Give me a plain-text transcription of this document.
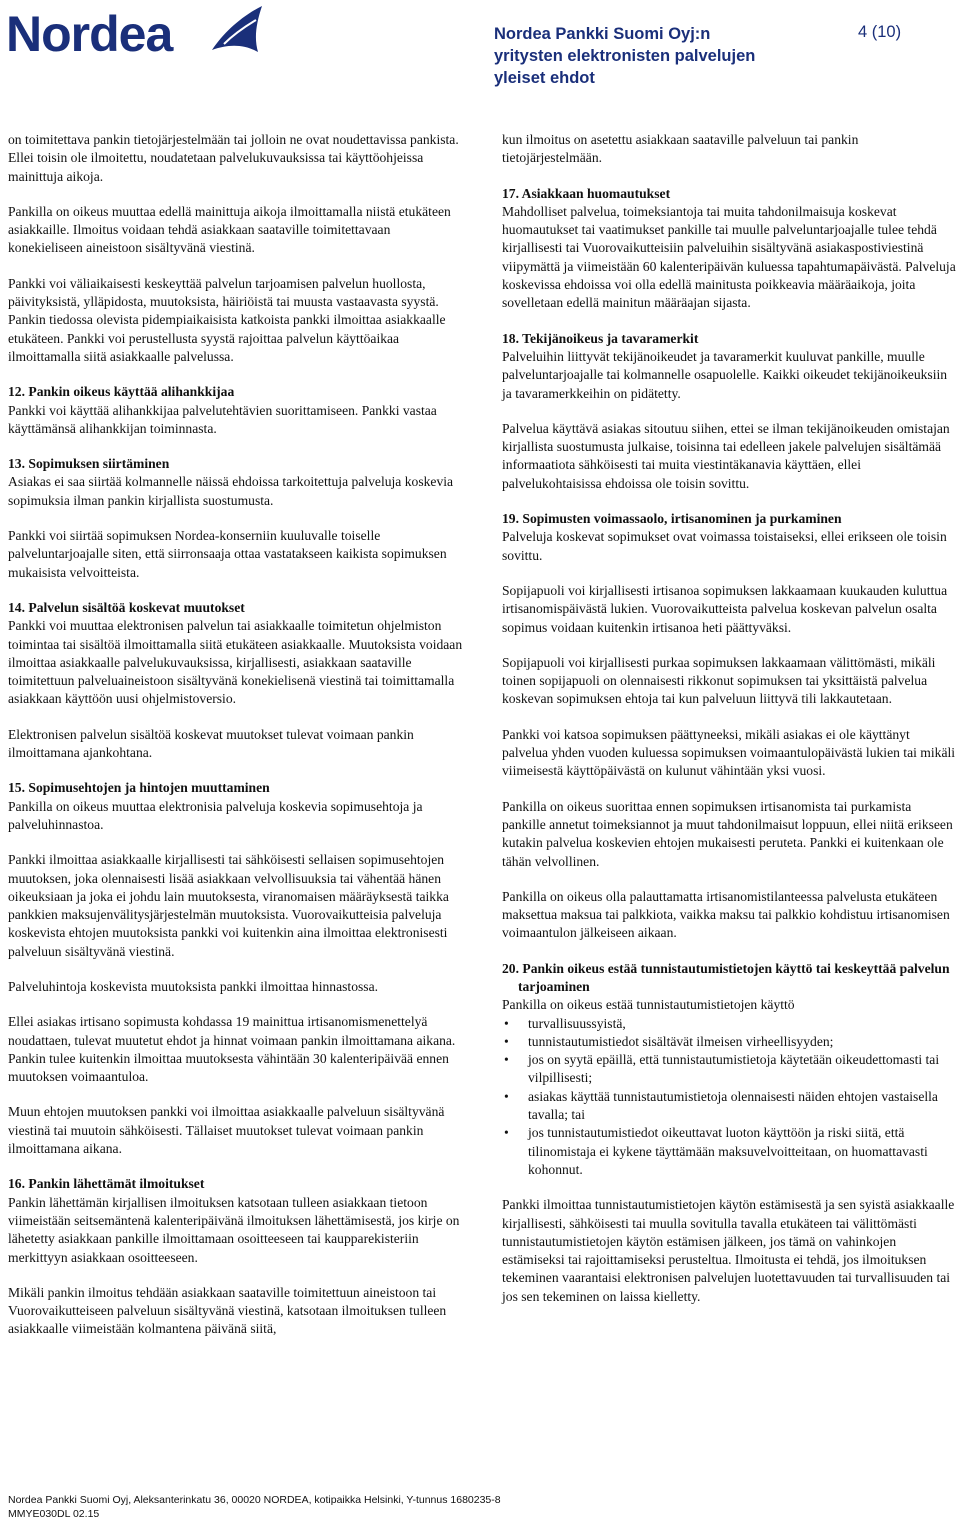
Nordea	Nordea Pankki Suomi Oyj:n
yritysten elektronisten palvelujen
yleiset ehdot
4 (10)

on toimitettava pankin tietojärjestelmään tai jolloin ne ovat noudettavissa pankista. Ellei toisin ole ilmoitettu, noudatetaan palvelukuvauksissa tai käyttöohjeissa mainittuja aikoja.

Pankilla on oikeus muuttaa edellä mainittuja aikoja ilmoittamalla niistä etukäteen asiakkaille. Ilmoitus voidaan tehdä asiakkaan saataville toimitettavaan konekieliseen aineistoon sisältyvänä viestinä.

Pankki voi väliaikaisesti keskeyttää palvelun tarjoamisen palvelun huollosta, päivityksistä, ylläpidosta, muutoksista, häiriöistä tai muusta vastaavasta syystä. Pankin tiedossa olevista pidempiaikaisista katkoista pankki ilmoittaa asiakkaalle etukäteen. Pankki voi perustellusta syystä rajoittaa palvelun käyttöaikaa ilmoittamalla siitä asiakkaalle palvelussa.

12. Pankin oikeus käyttää alihankkijaa

Pankki voi käyttää alihankkijaa palvelutehtävien suorittamiseen. Pankki vastaa käyttämänsä alihankkijan toiminnasta.

13. Sopimuksen siirtäminen

Asiakas ei saa siirtää kolmannelle näissä ehdoissa tarkoitettuja palveluja koskevia sopimuksia ilman pankin kirjallista suostumusta.

Pankki voi siirtää sopimuksen Nordea-konserniin kuuluvalle toiselle palveluntarjoajalle siten, että siirronsaaja ottaa vastatakseen kaikista sopimuksen mukaisista velvoitteista.

14. Palvelun sisältöä koskevat muutokset

Pankki voi muuttaa elektronisen palvelun tai asiakkaalle toimitetun ohjelmiston toimintaa tai sisältöä ilmoittamalla siitä etukäteen asiakkaalle. Muutoksista voidaan ilmoittaa asiakkaalle palvelukuvauksissa, kirjallisesti, asiakkaan saataville toimitettuun palveluaineistoon sisältyvänä konekielisenä viestinä tai toimittamalla asiakkaan käyttöön uusi ohjelmistoversio.

Elektronisen palvelun sisältöä koskevat muutokset tulevat voimaan pankin ilmoittamana ajankohtana.

15. Sopimusehtojen ja hintojen muuttaminen

Pankilla on oikeus muuttaa elektronisia palveluja koskevia sopimusehtoja ja palveluhinnastoa.

Pankki ilmoittaa asiakkaalle kirjallisesti tai sähköisesti sellaisen sopimusehtojen muutoksen, joka olennaisesti lisää asiakkaan velvollisuuksia tai vähentää hänen oikeuksiaan ja joka ei johdu lain muutoksesta, viranomaisen määräyksestä taikka pankkien maksujenvälitysjärjestelmän muutoksista. Vuorovaikutteisia palveluja koskevista ehtojen muutoksista pankki voi kuitenkin aina ilmoittaa elektronisesti palveluun sisältyvänä viestinä.

Palveluhintoja koskevista muutoksista pankki ilmoittaa hinnastossa.

Ellei asiakas irtisano sopimusta kohdassa 19 mainittua irtisanomismenettelyä noudattaen, tulevat muutetut ehdot ja hinnat voimaan pankin ilmoittamana aikana. Pankin tulee kuitenkin ilmoittaa muutoksesta vähintään 30 kalenteripäivää ennen muutoksen voimaantuloa.

Muun ehtojen muutoksen pankki voi ilmoittaa asiakkaalle palveluun sisältyvänä viestinä tai muutoin sähköisesti. Tällaiset muutokset tulevat voimaan pankin ilmoittamana aikana.

16. Pankin lähettämät ilmoitukset

Pankin lähettämän kirjallisen ilmoituksen katsotaan tulleen asiakkaan tietoon viimeistään seitsemäntenä kalenteripäivänä ilmoituksen lähettämisestä, jos kirje on lähetetty asiakkaan pankille ilmoittamaan osoitteeseen tai kaupparekisteriin merkittyyn asiakkaan osoitteeseen.

Mikäli pankin ilmoitus tehdään asiakkaan saataville toimitettuun aineistoon tai Vuorovaikutteiseen palveluun sisältyvänä viestinä, katsotaan ilmoituksen tulleen asiakkaalle viimeistään kolmantena päivänä siitä,

kun ilmoitus on asetettu asiakkaan saataville palveluun tai pankin tietojärjestelmään.

17. Asiakkaan huomautukset

Mahdolliset palvelua, toimeksiantoja tai muita tahdonilmaisuja koskevat huomautukset tai vaatimukset pankille tai muulle palveluntarjoajalle tulee tehdä kirjallisesti tai Vuorovaikutteisiin palveluihin sisältyvänä asiakaspostiviestinä viipymättä ja viimeistään 60 kalenteripäivän kuluessa tapahtumapäivästä. Palveluja koskevissa ehdoissa voi olla edellä mainitusta poikkeavia määräaikoja, joita sovelletaan edellä mainitun määräajan sijasta.

18. Tekijänoikeus ja tavaramerkit

Palveluihin liittyvät tekijänoikeudet ja tavaramerkit kuuluvat pankille, muulle palveluntarjoajalle tai kolmannelle osapuolelle. Kaikki oikeudet tekijänoikeuksiin ja tavaramerkkeihin on pidätetty.

Palvelua käyttävä asiakas sitoutuu siihen, ettei se ilman tekijänoikeuden omistajan kirjallista suostumusta julkaise, toisinna tai edelleen jakele palvelujen sisältämää informaatiota sähköisesti tai muita viestintäkanavia käyttäen, ellei palvelukohtaisissa ehdoissa ole toisin sovittu.

19. Sopimusten voimassaolo, irtisanominen ja purkaminen

Palveluja koskevat sopimukset ovat voimassa toistaiseksi, ellei erikseen ole toisin sovittu.

Sopijapuoli voi kirjallisesti irtisanoa sopimuksen lakkaamaan kuukauden kuluttua irtisanomispäivästä lukien. Vuorovaikutteista palvelua koskevan palvelun osalta sopimus voidaan kuitenkin irtisanoa heti päättyväksi.

Sopijapuoli voi kirjallisesti purkaa sopimuksen lakkaamaan välittömästi, mikäli toinen sopijapuoli on olennaisesti rikkonut sopimuksen tai yksittäistä palvelua koskevan sopimuksen ehtoja tai kun palveluun liittyvä tili lakkautetaan.

Pankki voi katsoa sopimuksen päättyneeksi, mikäli asiakas ei ole käyttänyt palvelua yhden vuoden kuluessa sopimuksen voimaantulopäivästä lukien tai mikäli viimeisestä käyttöpäivästä on kulunut vähintään yksi vuosi.

Pankilla on oikeus suorittaa ennen sopimuksen irtisanomista tai purkamista pankille annetut toimeksiannot ja muut tahdonilmaisut loppuun, ellei niitä erikseen kutakin palvelua koskevien ehtojen mukaisesti peruteta. Pankki ei kuitenkaan ole tähän velvollinen.

Pankilla on oikeus olla palauttamatta irtisanomistilanteessa palvelusta etukäteen maksettua maksua tai palkkiota, vaikka maksu tai palkkio kohdistuu irtisanomisen voimaantulon jälkeiseen aikaan.

20. Pankin oikeus estää tunnistautumistietojen käyttö tai keskeyttää palvelun tarjoaminen
Pankilla on oikeus estää tunnistautumistietojen käyttö
• turvallisuussyistä,
• tunnistautumistiedot sisältävät ilmeisen virheellisyyden;
• jos on syytä epäillä, että tunnistautumistietoja käytetään oikeudettomasti tai vilpillisesti;
• asiakas käyttää tunnistautumistietoja olennaisesti näiden ehtojen vastaisella tavalla; tai
• jos tunnistautumistiedot oikeuttavat luoton käyttöön ja riski siitä, että tilinomistaja ei kykene täyttämään maksuvelvoitteitaan, on huomattavasti kohonnut.

Pankki ilmoittaa tunnistautumistietojen käytön estämisestä ja sen syistä asiakkaalle kirjallisesti, sähköisesti tai muulla sovitulla tavalla etukäteen tai välittömästi tunnistautumistietojen käytön estämisen jälkeen, jos tämä on vahinkojen estämiseksi tai rajoittamiseksi perusteltua. Ilmoitusta ei tehdä, jos ilmoituksen tekeminen vaarantaisi elektronisen palvelujen luotettavuuden tai turvallisuuden tai jos sen tekeminen on laissa kielletty.

Nordea Pankki Suomi Oyj, Aleksanterinkatu 36, 00020 NORDEA, kotipaikka Helsinki, Y-tunnus 1680235-8
MMYE030DL 02.15
